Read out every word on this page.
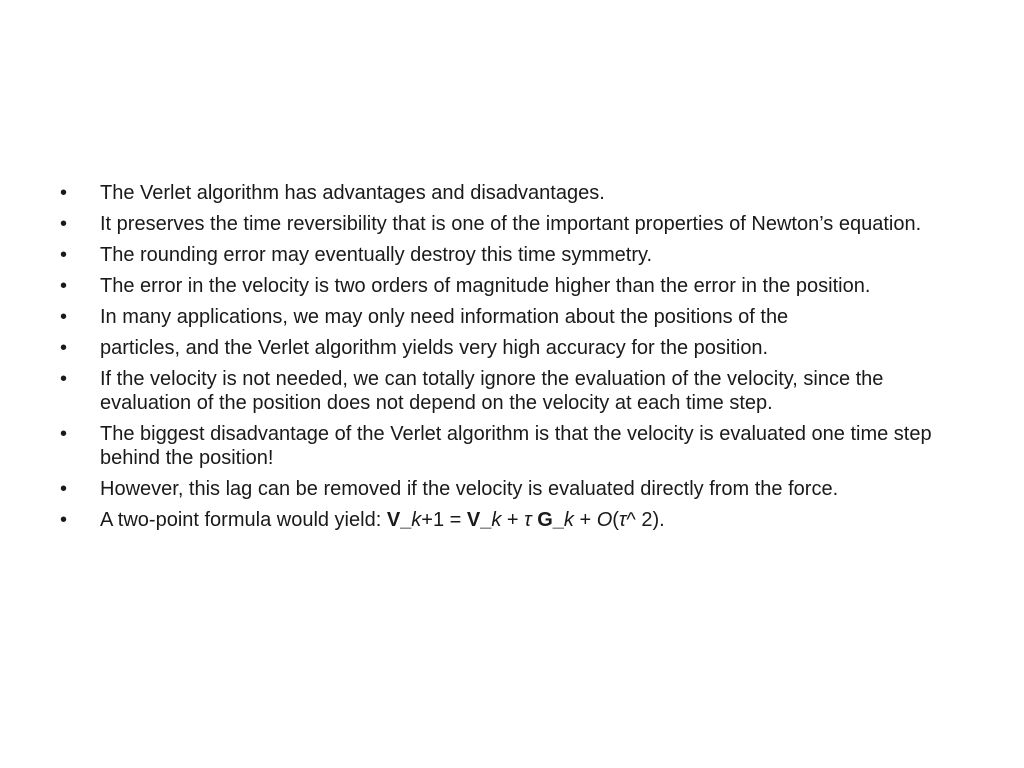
•	The Verlet algorithm has advantages and disadvantages.
•	It preserves the time reversibility that is one of the important properties of Newton’s equation.
•	The rounding error may eventually destroy this time symmetry.
•	The error in the velocity is two orders of magnitude higher than the error in the position.
•	In many applications, we may only need information about the positions of the
•	particles, and the Verlet algorithm yields very high accuracy for the position.
•	If the velocity is not needed, we can totally ignore the evaluation of the velocity, since the evaluation of the position does not depend on the velocity at each time step.
•	The biggest disadvantage of the Verlet algorithm is that the velocity is evaluated one time step behind the position!
•	However, this lag can be removed if the velocity is evaluated directly from the force.
•	A two-point formula would yield: V_k+1 = V_k + τ G_k + O(τ^ 2).
